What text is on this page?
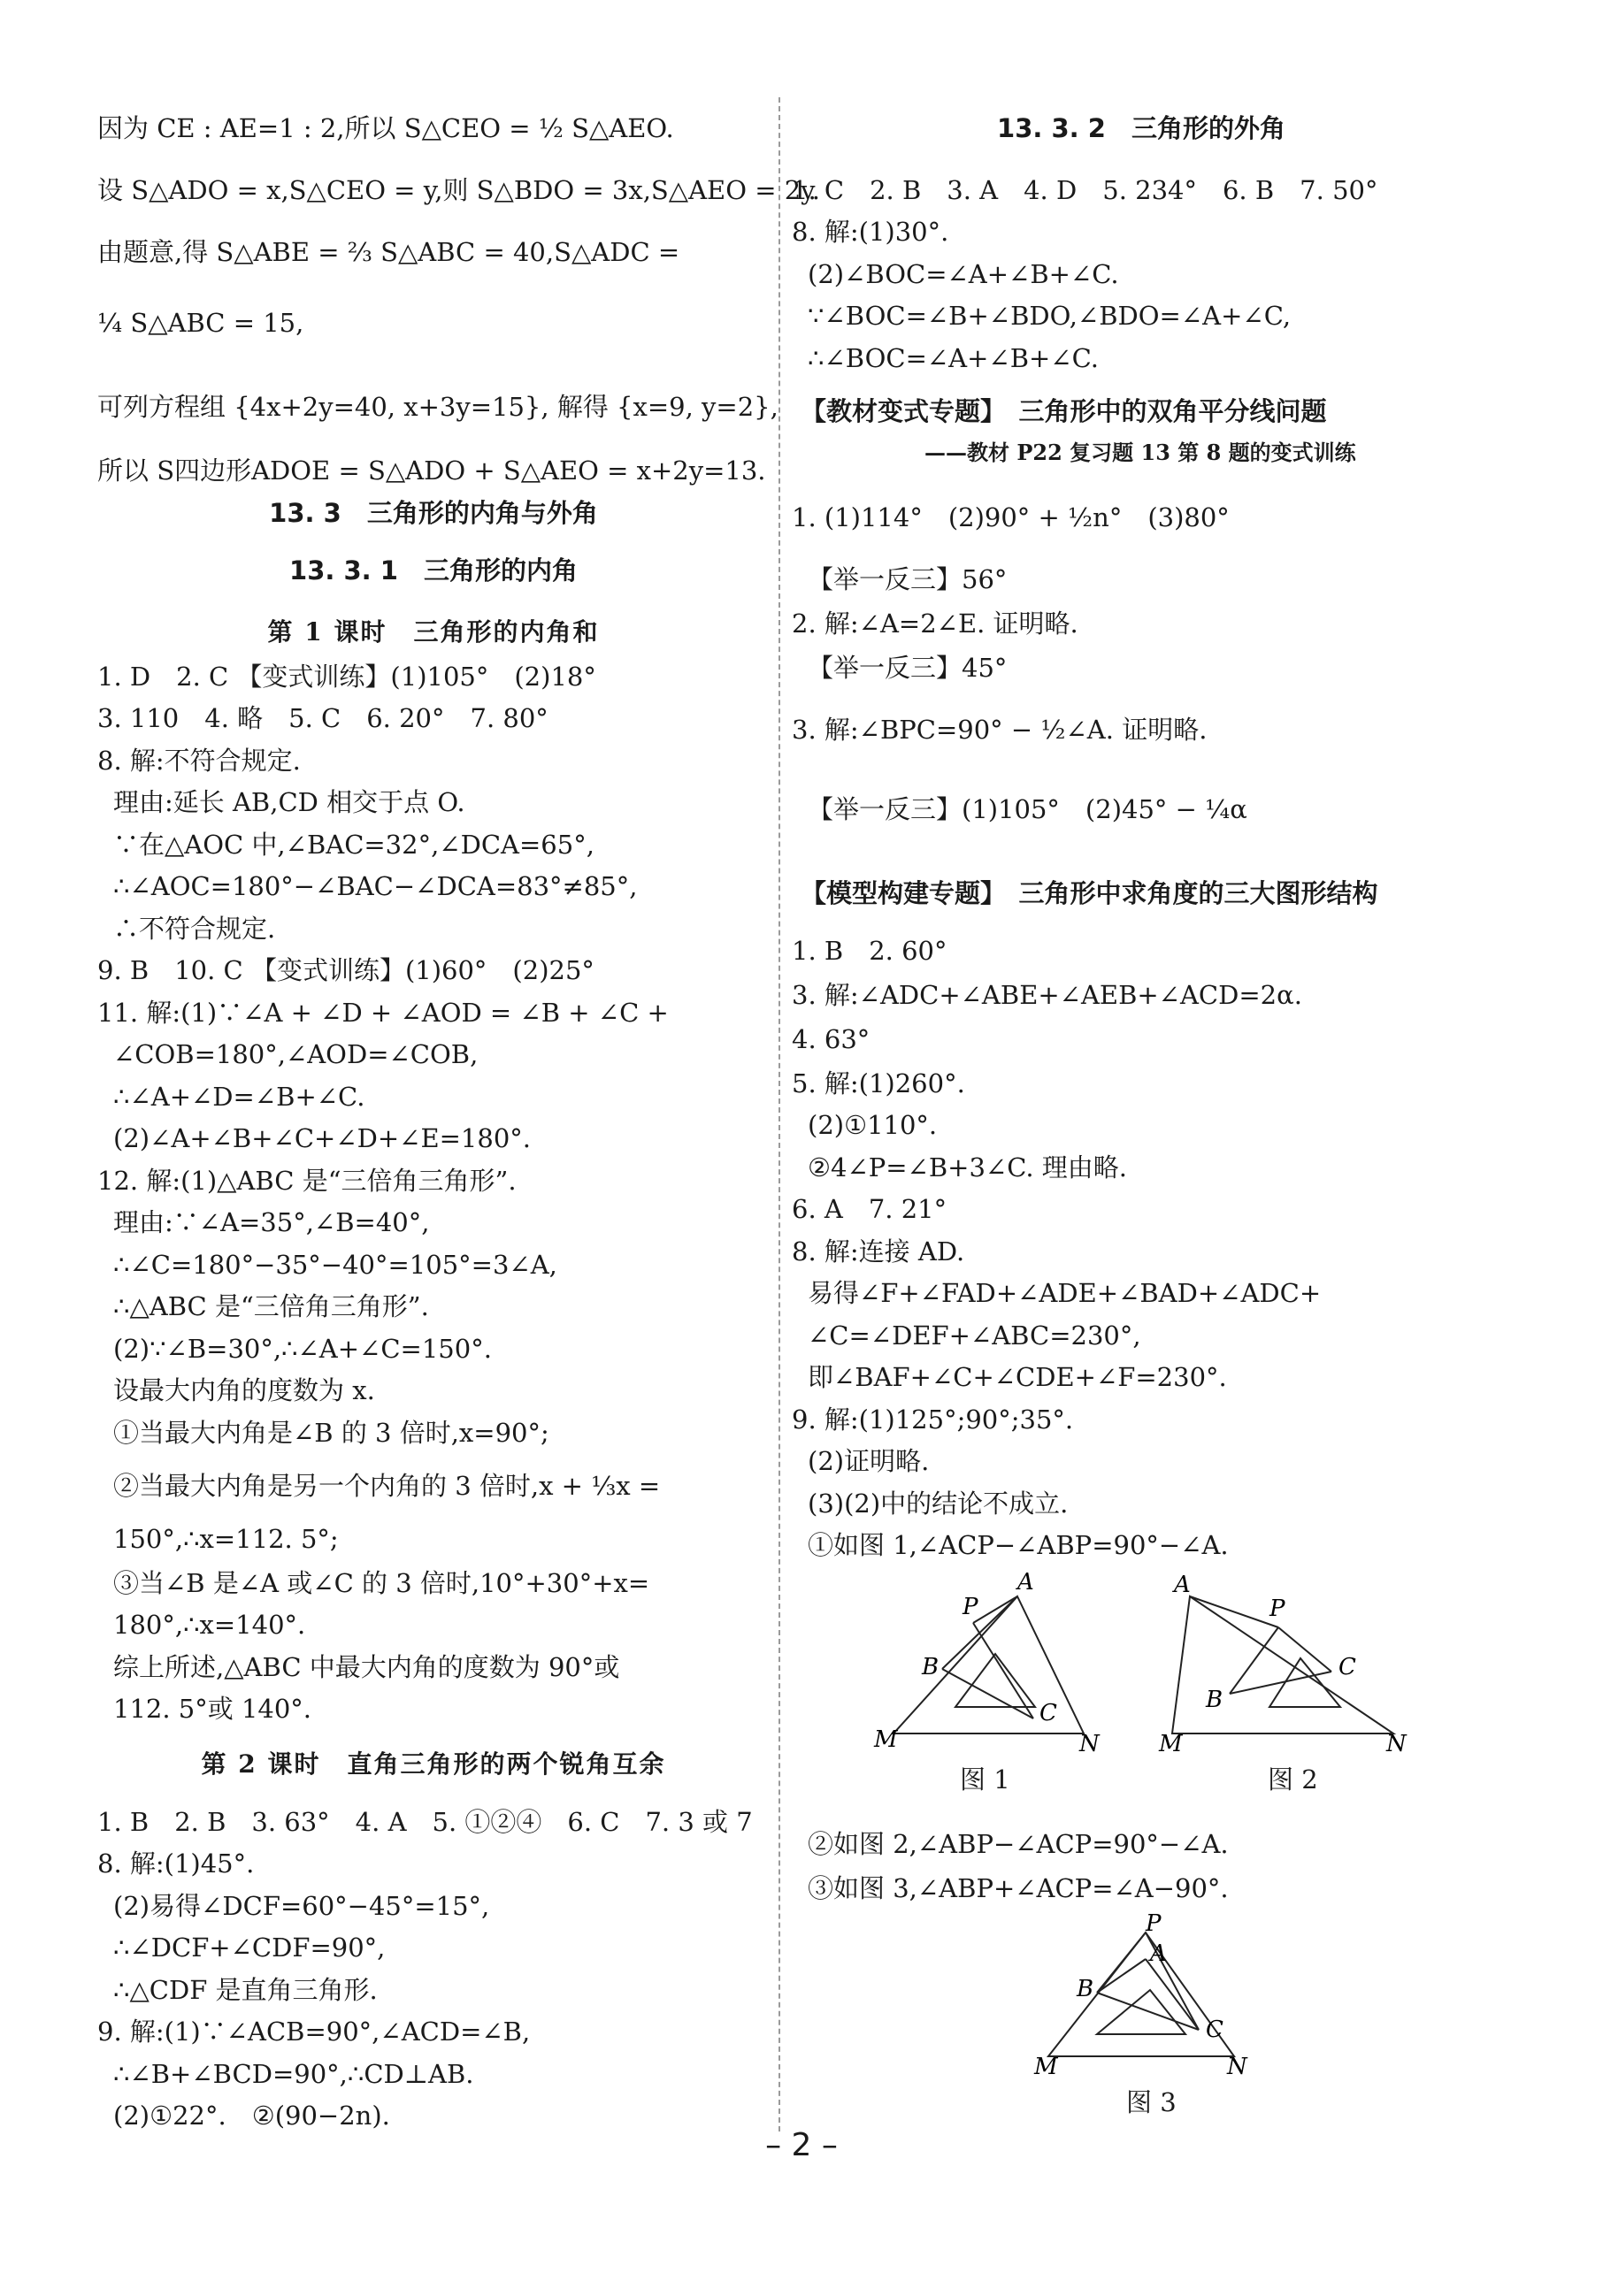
因为 CE : AE=1 : 2,所以 S△CEO = ½ S△AEO.
设 S△ADO = x,S△CEO = y,则 S△BDO = 3x,S△AEO = 2y.
由题意,得 S△ABE = ⅔ S△ABC = 40,S△ADC =
¼ S△ABC = 15,
可列方程组 {4x+2y=40, x+3y=15}, 解得 {x=9, y=2},
所以 S四边形ADOE = S△ADO + S△AEO = x+2y=13.
13. 3　三角形的内角与外角
13. 3. 1　三角形的内角
第 1 课时　三角形的内角和
1. D　2. C 【变式训练】(1)105°　(2)18°
3. 110　4. 略　5. C　6. 20°　7. 80°
8. 解:不符合规定.
理由:延长 AB,CD 相交于点 O.
∵在△AOC 中,∠BAC=32°,∠DCA=65°,
∴∠AOC=180°−∠BAC−∠DCA=83°≠85°,
∴不符合规定.
9. B　10. C 【变式训练】(1)60°　(2)25°
11. 解:(1)∵∠A + ∠D + ∠AOD = ∠B + ∠C +
∠COB=180°,∠AOD=∠COB,
∴∠A+∠D=∠B+∠C.
(2)∠A+∠B+∠C+∠D+∠E=180°.
12. 解:(1)△ABC 是“三倍角三角形”.
理由:∵∠A=35°,∠B=40°,
∴∠C=180°−35°−40°=105°=3∠A,
∴△ABC 是“三倍角三角形”.
(2)∵∠B=30°,∴∠A+∠C=150°.
设最大内角的度数为 x.
①当最大内角是∠B 的 3 倍时,x=90°;
②当最大内角是另一个内角的 3 倍时,x + ⅓x =
150°,∴x=112. 5°;
③当∠B 是∠A 或∠C 的 3 倍时,10°+30°+x=
180°,∴x=140°.
综上所述,△ABC 中最大内角的度数为 90°或
112. 5°或 140°.
第 2 课时　直角三角形的两个锐角互余
1. B　2. B　3. 63°　4. A　5. ①②④　6. C　7. 3 或 7
8. 解:(1)45°.
(2)易得∠DCF=60°−45°=15°,
∴∠DCF+∠CDF=90°,
∴△CDF 是直角三角形.
9. 解:(1)∵∠ACB=90°,∠ACD=∠B,
∴∠B+∠BCD=90°,∴CD⊥AB.
(2)①22°.　②(90−2n).
13. 3. 2　三角形的外角
1. C　2. B　3. A　4. D　5. 234°　6. B　7. 50°
8. 解:(1)30°.
(2)∠BOC=∠A+∠B+∠C.
∵∠BOC=∠B+∠BDO,∠BDO=∠A+∠C,
∴∠BOC=∠A+∠B+∠C.
【教材变式专题】　三角形中的双角平分线问题
——教材 P22 复习题 13 第 8 题的变式训练
1. (1)114°　(2)90° + ½n°　(3)80°
【举一反三】56°
2. 解:∠A=2∠E. 证明略.
【举一反三】45°
3. 解:∠BPC=90° − ½∠A. 证明略.
【举一反三】(1)105°　(2)45° − ¼α
【模型构建专题】　三角形中求角度的三大图形结构
1. B　2. 60°
3. 解:∠ADC+∠ABE+∠AEB+∠ACD=2α.
4. 63°
5. 解:(1)260°.
(2)①110°.
②4∠P=∠B+3∠C. 理由略.
6. A　7. 21°
8. 解:连接 AD.
易得∠F+∠FAD+∠ADE+∠BAD+∠ADC+
∠C=∠DEF+∠ABC=230°,
即∠BAF+∠C+∠CDE+∠F=230°.
9. 解:(1)125°;90°;35°.
(2)证明略.
(3)(2)中的结论不成立.
①如图 1,∠ACP−∠ABP=90°−∠A.
A
P
B
C
M	N
图 1
A
P
C
B
M	N
图 2
②如图 2,∠ABP−∠ACP=90°−∠A.
③如图 3,∠ABP+∠ACP=∠A−90°.
P
A
B
C
M	N
图 3
– 2 –
